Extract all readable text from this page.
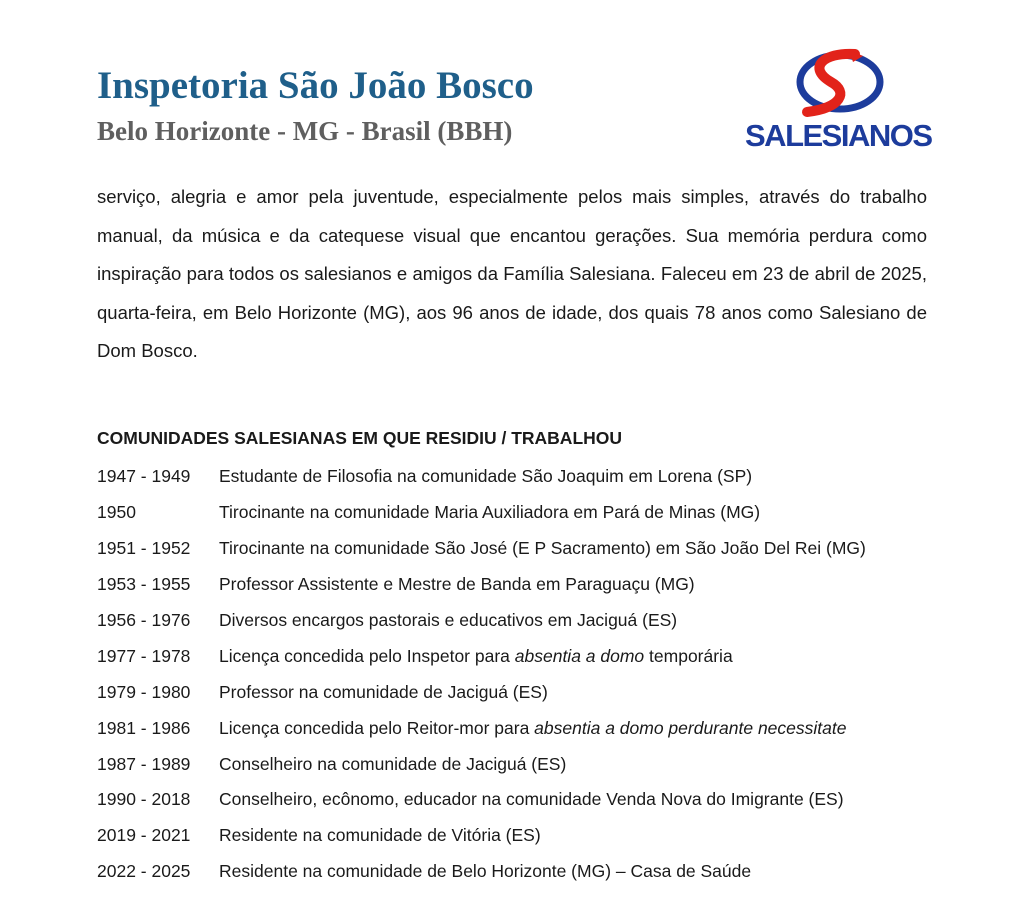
Inspetoria São João Bosco
Belo Horizonte - MG - Brasil (BBH)	SALESIANOS

serviço, alegria e amor pela juventude, especialmente pelos mais simples, através do trabalho manual, da música e da catequese visual que encantou gerações. Sua memória perdura como inspiração para todos os salesianos e amigos da Família Salesiana. Faleceu em 23 de abril de 2025, quarta-feira, em Belo Horizonte (MG), aos 96 anos de idade, dos quais 78 anos como Salesiano de Dom Bosco.

COMUNIDADES SALESIANAS EM QUE RESIDIU / TRABALHOU
1947 - 1949	Estudante de Filosofia na comunidade São Joaquim em Lorena (SP)
1950	Tirocinante na comunidade Maria Auxiliadora em Pará de Minas (MG)
1951 - 1952	Tirocinante na comunidade São José (E P Sacramento) em São João Del Rei (MG)
1953 - 1955	Professor Assistente e Mestre de Banda em Paraguaçu (MG)
1956 - 1976	Diversos encargos pastorais e educativos em Jaciguá (ES)
1977 - 1978	Licença concedida pelo Inspetor para absentia a domo temporária
1979 - 1980	Professor na comunidade de Jaciguá (ES)
1981 - 1986	Licença concedida pelo Reitor-mor para absentia a domo perdurante necessitate
1987 - 1989	Conselheiro na comunidade de Jaciguá (ES)
1990 - 2018	Conselheiro, ecônomo, educador na comunidade Venda Nova do Imigrante (ES)
2019 - 2021	Residente na comunidade de Vitória (ES)
2022 - 2025	Residente na comunidade de Belo Horizonte (MG) – Casa de Saúde
